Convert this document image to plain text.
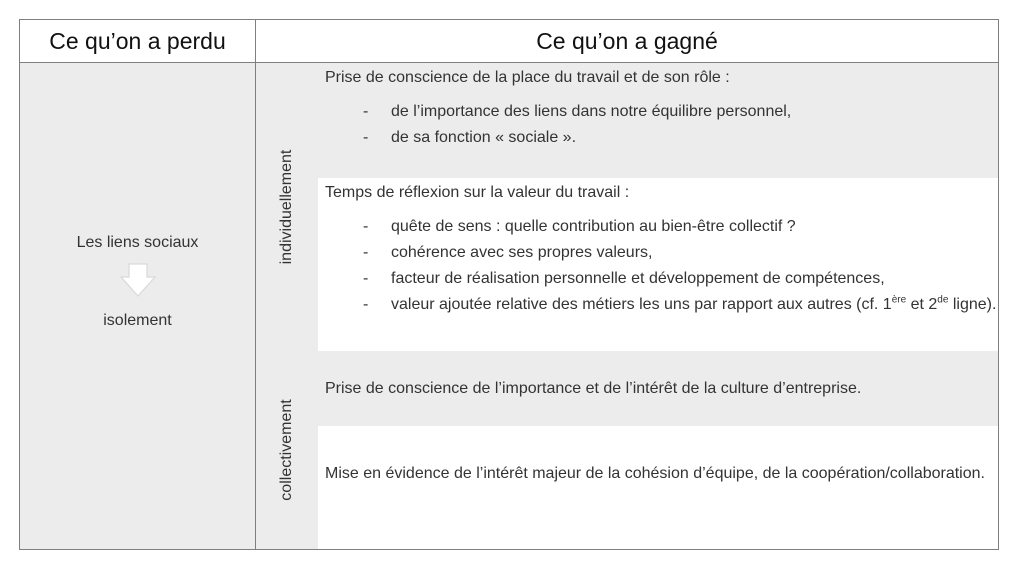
Ce qu’on a perdu	Ce qu’on a gagné
Les liens sociaux
isolement
individuellement
collectivement
Prise de conscience de la place du travail et de son rôle :
- de l’importance des liens dans notre équilibre personnel,
- de sa fonction « sociale ».
Temps de réflexion sur la valeur du travail :
- quête de sens : quelle contribution au bien-être collectif ?
- cohérence avec ses propres valeurs,
- facteur de réalisation personnelle et développement de compétences,
- valeur ajoutée relative des métiers les uns par rapport aux autres (cf. 1ère et 2de ligne).
Prise de conscience de l’importance et de l’intérêt de la culture d’entreprise.
Mise en évidence de l’intérêt majeur de la cohésion d’équipe, de la coopération/collaboration.
